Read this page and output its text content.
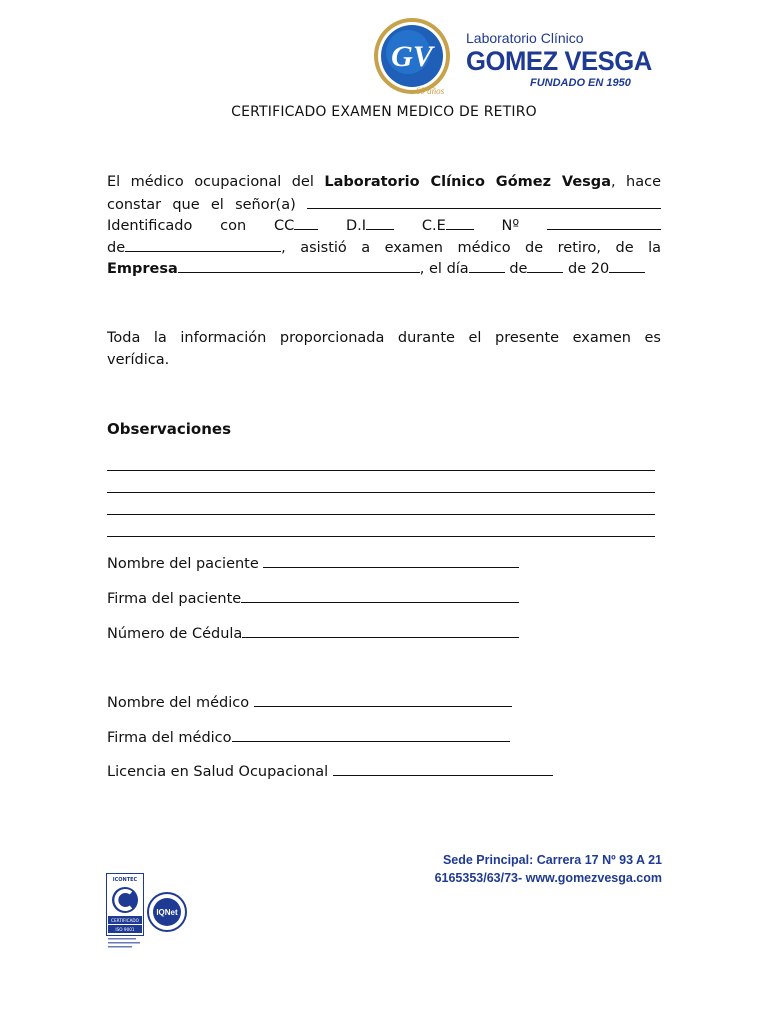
GV
60 años
Laboratorio Clínico
GOMEZ VESGA
FUNDADO EN 1950
CERTIFICADO EXAMEN MEDICO DE RETIRO
El médico ocupacional del Laboratorio Clínico Gómez Vesga, hace
constar que el señor(a)
Identificado con CC	D.I	C.E	Nº
de	, asistió a examen médico de retiro, de la
Empresa	, el día	de	de 20
Toda la información proporcionada durante el presente examen es
verídica.
Observaciones
Nombre del paciente
Firma del paciente
Número de Cédula
Nombre del médico
Firma del médico
Licencia en Salud Ocupacional
Sede Principal: Carrera 17 Nº 93 A 21
6165353/63/73- www.gomezvesga.com
ICONTEC
CERTIFICADO
ISO 9001
IQNet
